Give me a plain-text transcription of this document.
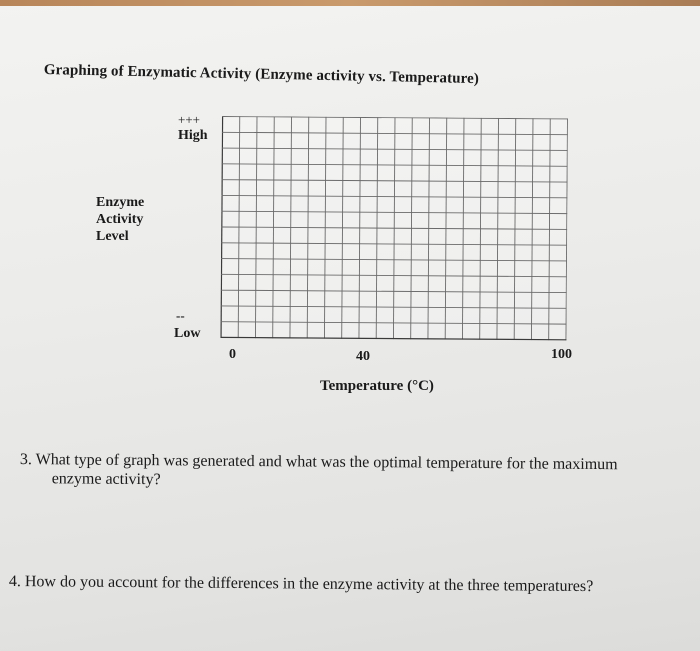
Graphing of Enzymatic Activity (Enzyme activity vs. Temperature)
Enzyme
Activity
Level
+++
High
--
Low
0	40	100
Temperature (°C)
3. What type of graph was generated and what was the optimal temperature for the maximum
enzyme activity?
4. How do you account for the differences in the enzyme activity at the three temperatures?
